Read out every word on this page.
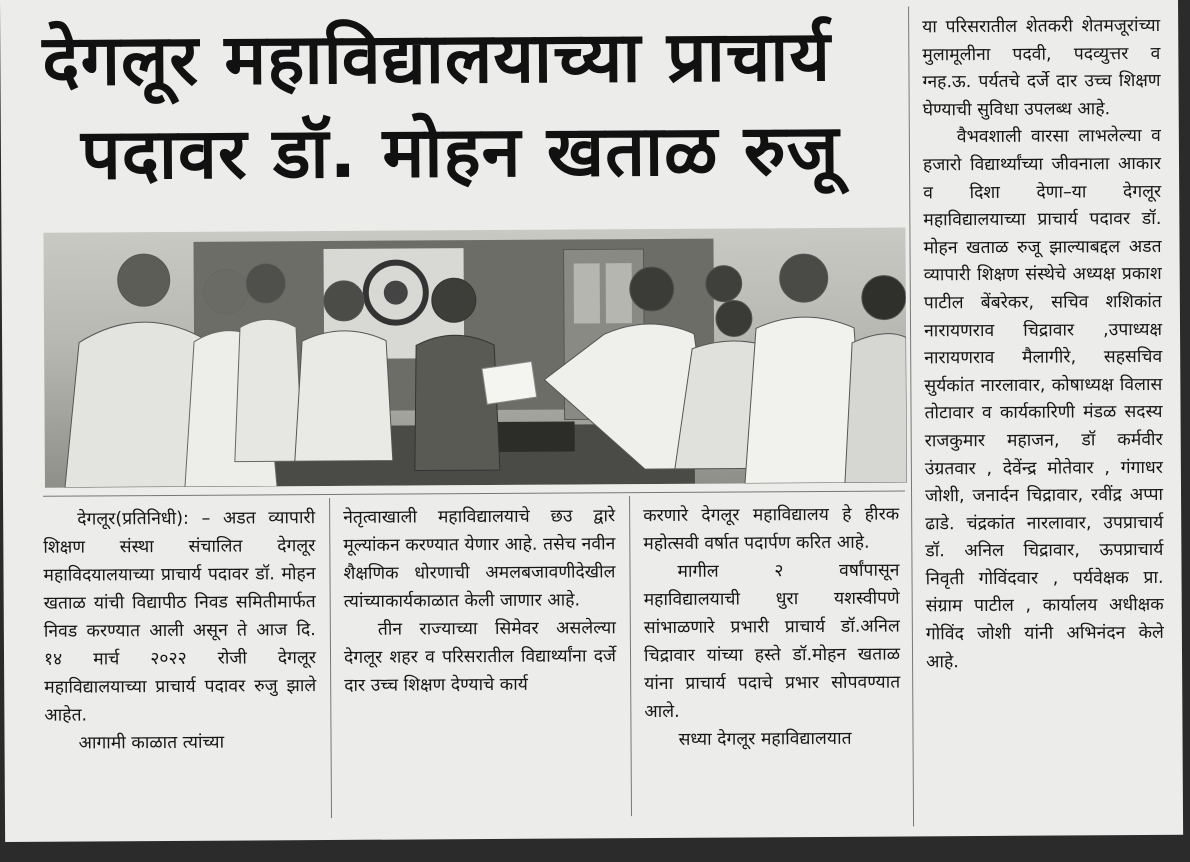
देगलूर महाविद्यालयाच्या प्राचार्य
पदावर डॉ. मोहन खताळ रुजू

देगलूर(प्रतिनिधी): – अडत व्यापारी शिक्षण संस्था संचालित देगलूर महाविदयालयाच्या प्राचार्य पदावर डॉ. मोहन खताळ यांची विद्यापीठ निवड समितीमार्फत निवड करण्यात आली असून ते आज दि. १४ मार्च २०२२ रोजी देगलूर महाविद्यालयाच्या प्राचार्य पदावर रुजु झाले आहेत.

आगामी काळात त्यांच्या

नेतृत्वाखाली महाविद्यालयाचे छउ द्वारे मूल्यांकन करण्यात येणार आहे. तसेच नवीन शैक्षणिक धोरणाची अमलबजावणीदेखील त्यांच्याकार्यकाळात केली जाणार आहे.

तीन राज्याच्या सिमेवर असलेल्या देगलूर शहर व परिसरातील विद्यार्थ्यांना दर्जे दार उच्च शिक्षण देण्याचे कार्य

करणारे देगलूर महाविद्यालय हे हीरक महोत्सवी वर्षात पदार्पण करित आहे.

मागील २ वर्षांपासून महाविद्यालयाची धुरा यशस्वीपणे सांभाळणारे प्रभारी प्राचार्य डॉ.अनिल चिद्रावार यांच्या हस्ते डॉ.मोहन खताळ यांना प्राचार्य पदाचे प्रभार सोपवण्यात आले.

सध्या देगलूर महाविद्यालयात

या परिसरातील शेतकरी शेतमजूरांच्या मुलामूलीना पदवी, पदव्युत्तर व ग्नह.ऊ. पर्यतचे दर्जे दार उच्च शिक्षण घेण्याची सुविधा उपलब्ध आहे.

वैभवशाली वारसा लाभलेल्या व हजारो विद्यार्थ्यांच्या जीवनाला आकार व दिशा देणा–या देगलूर महाविद्यालयाच्या प्राचार्य पदावर डॉ. मोहन खताळ रुजू झाल्याबद्दल अडत व्यापारी शिक्षण संस्थेचे अध्यक्ष प्रकाश पाटील बेंबरेकर, सचिव शशिकांत नारायणराव चिद्रावार ,उपाध्यक्ष नारायणराव मैलागीरे, सहसचिव सुर्यकांत नारलावार, कोषाध्यक्ष विलास तोटावार व कार्यकारिणी मंडळ सदस्य राजकुमार महाजन, डॉ कर्मवीर उंग्रतवार , देवेंन्द्र मोतेवार , गंगाधर जोशी, जनार्दन चिद्रावार, रवींद्र अप्पा ढाडे. चंद्रकांत नारलावार, उपप्राचार्य डॉ. अनिल चिद्रावार, ऊपप्राचार्य निवृती गोविंदवार , पर्यवेक्षक प्रा. संग्राम पाटील , कार्यालय अधीक्षक गोविंद जोशी यांनी अभिनंदन केले आहे.
